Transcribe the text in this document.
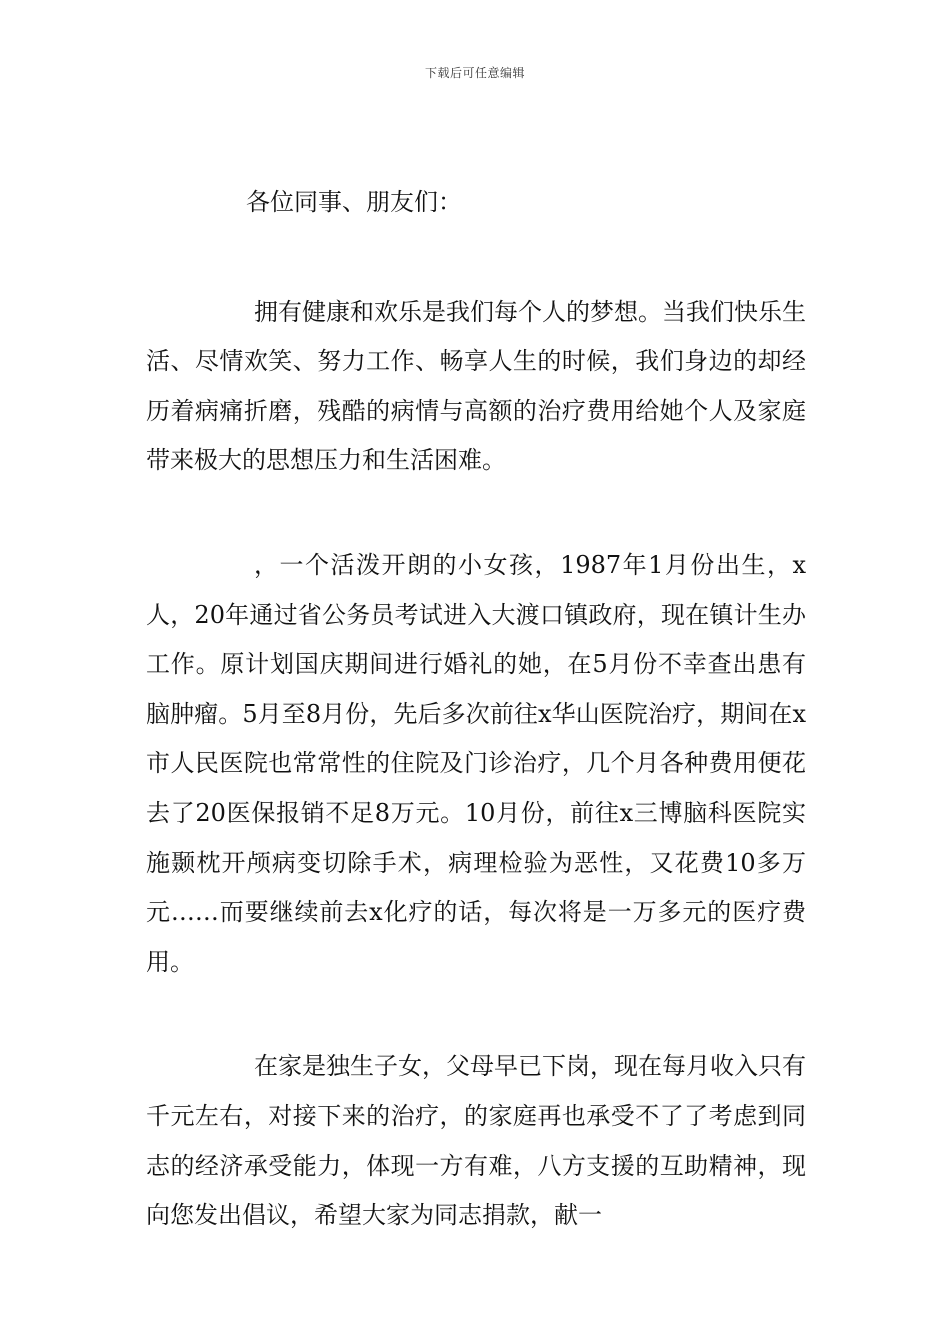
下载后可任意编辑

各位同事、朋友们：

拥有健康和欢乐是我们每个人的梦想。当我们快乐生活、尽情欢笑、努力工作、畅享人生的时候，我们身边的却经历着病痛折磨，残酷的病情与高额的治疗费用给她个人及家庭带来极大的思想压力和生活困难。

，一个活泼开朗的小女孩，1987年1月份出生，x人，20年通过省公务员考试进入大渡口镇政府，现在镇计生办工作。原计划国庆期间进行婚礼的她，在5月份不幸查出患有脑肿瘤。5月至8月份，先后多次前往x华山医院治疗，期间在x市人民医院也常常性的住院及门诊治疗，几个月各种费用便花去了20医保报销不足8万元。10月份，前往x三博脑科医院实施颞枕开颅病变切除手术，病理检验为恶性，又花费10多万元……而要继续前去x化疗的话，每次将是一万多元的医疗费用。

在家是独生子女，父母早已下岗，现在每月收入只有千元左右，对接下来的治疗，的家庭再也承受不了了考虑到同志的经济承受能力，体现一方有难，八方支援的互助精神，现向您发出倡议，希望大家为同志捐款，献一
